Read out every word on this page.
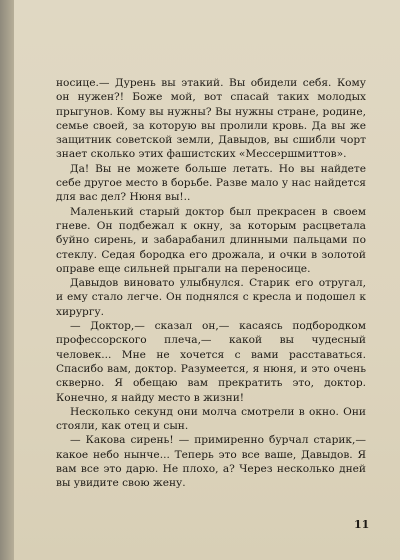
носице.— Дурень вы этакий. Вы обидели себя. Кому он нужен?! Боже мой, вот спасай таких молодых прыгунов. Кому вы нужны? Вы нужны стране, родине, семье своей, за которую вы пролили кровь. Да вы же защитник советской земли, Давыдов, вы сшибли чорт знает сколько этих фашистских «Мессершмиттов».

Да! Вы не можете больше летать. Но вы найдете себе другое место в борьбе. Разве мало у нас найдется для вас дел? Нюня вы!..

Маленький старый доктор был прекрасен в своем гневе. Он подбежал к окну, за которым расцветала буйно сирень, и забарабанил длинными пальцами по стеклу. Седая бородка его дрожала, и очки в золотой оправе еще сильней прыгали на переносице.

Давыдов виновато улыбнулся. Старик его отругал, и ему стало легче. Он поднялся с кресла и подошел к хирургу.

— Доктор,— сказал он,— касаясь подбородком профессорского плеча,— какой вы чудесный человек... Мне не хочется с вами расставаться. Спасибо вам, доктор. Разумеется, я нюня, и это очень скверно. Я обещаю вам прекратить это, доктор. Конечно, я найду место в жизни!

Несколько секунд они молча смотрели в окно. Они стояли, как отец и сын.

— Какова сирень! — примиренно бурчал старик,— какое небо нынче... Теперь это все ваше, Давыдов. Я вам все это дарю. Не плохо, а? Через несколько дней вы увидите свою жену.

11
